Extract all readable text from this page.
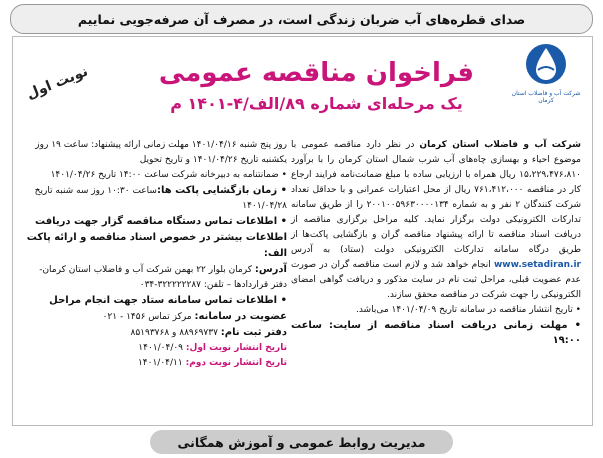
صدای قطره‌های آب ضربان زندگی است، در مصرف آن صرفه‌جویی نماییم
شرکت آب و فاضلاب استان کرمان
نوبت اول	فراخوان مناقصه عمومی
یک مرحله‌ای شماره ۸۹/الف/۴-۱۴۰۱ م

شرکت آب و فاضلاب استان کرمان در نظر دارد مناقصه عمومی با موضوع احیاء و بهسازی چاه‌های آب شرب شمال استان کرمان را با برآورد ۱۵،۲۲۹،۴۷۶،۸۱۰ ریال همراه با ارزیابی ساده با مبلغ ضمانت‌نامه فرایند ارجاع کار در مناقصه ۷۶۱،۴۱۲،۰۰۰ ریال از محل اعتبارات عمرانی و با حداقل تعداد شرکت کنندگان ۲ نفر و به شماره ۲۰۰۱۰۰۵۹۶۳۰۰۰۰۱۳۴ را از طریق سامانه تدارکات الکترونیکی دولت برگزار نماید. کلیه مراحل برگزاری مناقصه از دریافت اسناد مناقصه تا ارائه پیشنهاد مناقصه گران و بازگشایی پاکت‌ها از طریق درگاه سامانه تدارکات الکترونیکی دولت (ستاد) به آدرس www.setadiran.ir انجام خواهد شد و لازم است مناقصه گران در صورت عدم عضویت قبلی، مراحل ثبت نام در سایت مذکور و دریافت گواهی امضای الکترونیکی را جهت شرکت در مناقصه محقق سازند.

• تاریخ انتشار مناقصه در سامانه تاریخ ۱۴۰۱/۰۴/۰۹ می‌باشد.

• مهلت زمانی دریافت اسناد مناقصه از سایت: ساعت ۱۹:۰۰

روز پنج شنبه ۱۴۰۱/۰۴/۱۶ مهلت زمانی ارائه پیشنهاد: ساعت ۱۹ روز یکشنبه تاریخ ۱۴۰۱/۰۴/۲۶ و تاریخ تحویل

• ضمانتنامه به دبیرخانه شرکت ساعت ۱۴:۰۰ تاریخ ۱۴۰۱/۰۴/۲۶

• زمان بازگشایی پاکت ها:ساعت ۱۰:۳۰ روز سه شنبه تاریخ ۱۴۰۱/۰۴/۲۸

• اطلاعات تماس دستگاه مناقصه گزار جهت دریافت اطلاعات بیشتر در خصوص اسناد مناقصه و ارائه پاکت الف:

آدرس: کرمان بلوار ۲۲ بهمن شرکت آب و فاضلاب استان کرمان- دفتر قراردادها – تلفن: ۳۲۲۲۲۲۲۸۷-۰۳۴

• اطلاعات تماس سامانه ستاد جهت انجام مراحل عضویت در سامانه: مرکز تماس ۱۴۵۶ - ۰۲۱

دفتر ثبت نام: ۸۸۹۶۹۷۳۷ و ۸۵۱۹۳۷۶۸

تاریخ انتشار نوبت اول: ۱۴۰۱/۰۴/۰۹

تاریخ انتشار نوبت دوم: ۱۴۰۱/۰۴/۱۱

مدیریت روابط عمومی و آموزش همگانی
